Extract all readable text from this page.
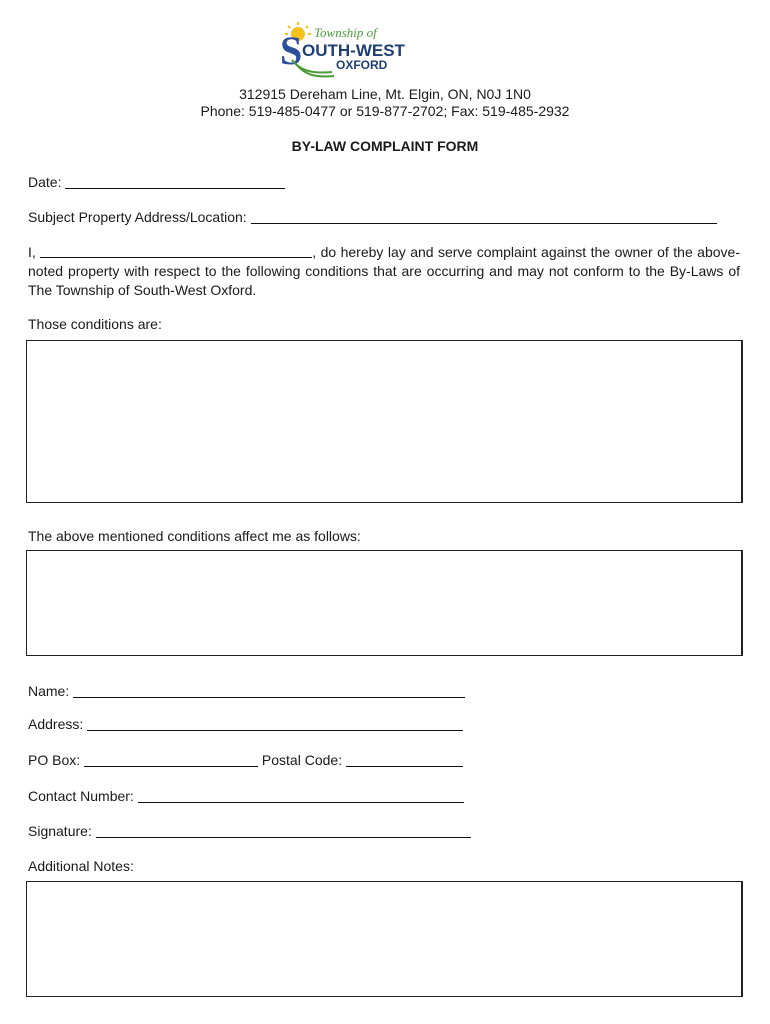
S Township of
OUTH-WEST
OXFORD
312915 Dereham Line, Mt. Elgin, ON, N0J 1N0
Phone: 519-485-0477 or 519-877-2702; Fax: 519-485-2932
BY-LAW COMPLAINT FORM
Date:
Subject Property Address/Location:
I,	, do hereby lay and serve complaint against the owner of the above-noted property with respect to the following conditions that are occurring and may not conform to the By-Laws of The Township of South-West Oxford.
Those conditions are:
The above mentioned conditions affect me as follows:
Name:
Address:
PO Box:	Postal Code:
Contact Number:
Signature:
Additional Notes:
